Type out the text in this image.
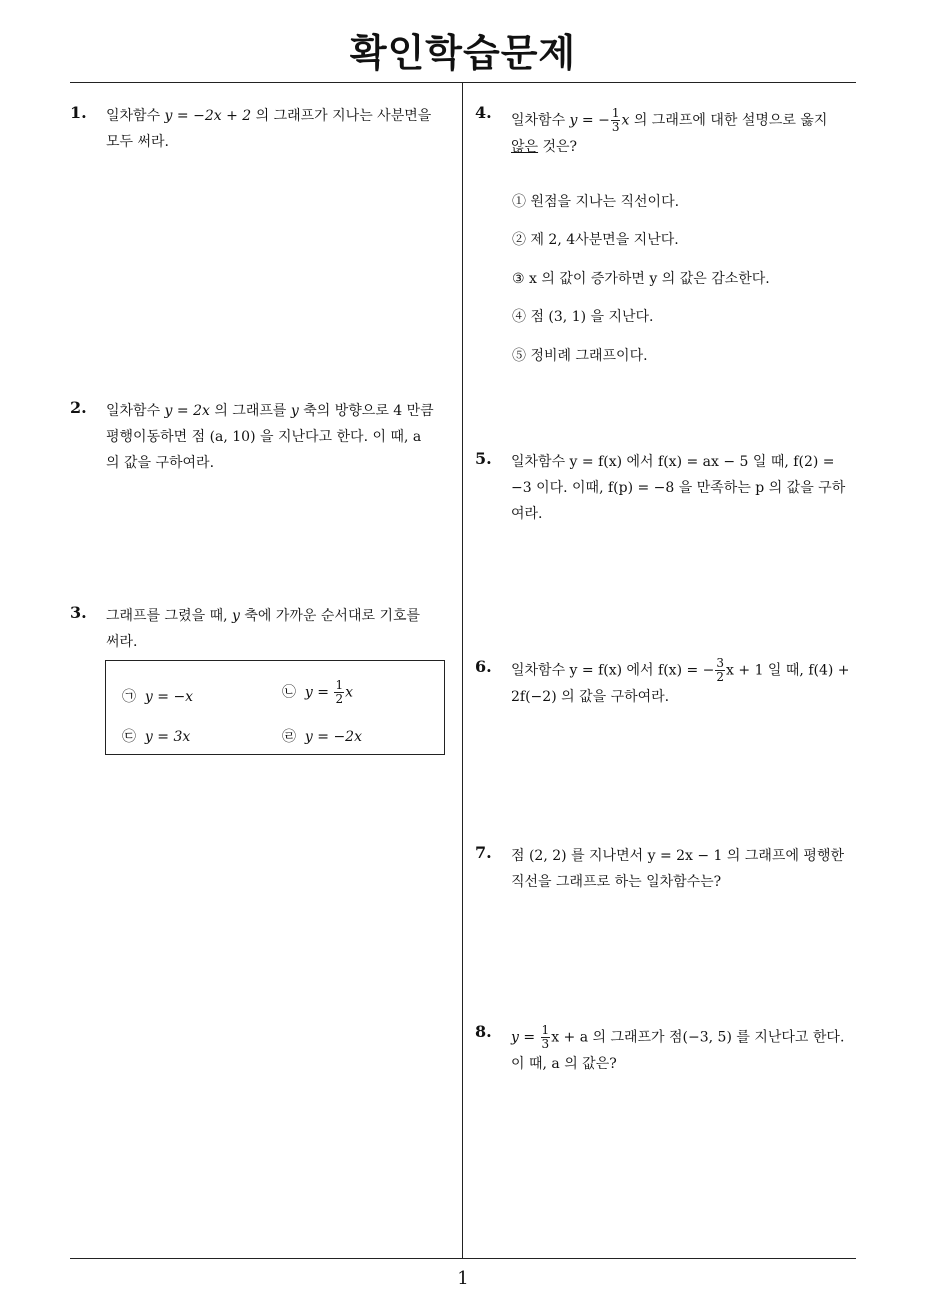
확인학습문제
1. 일차함수 y = −2x + 2 의 그래프가 지나는 사분면을
모두 써라.
2. 일차함수 y = 2x 의 그래프를 y 축의 방향으로 4 만큼
평행이동하면 점 (a, 10) 을 지난다고 한다. 이 때, a
의 값을 구하여라.
3. 그래프를 그렸을 때, y 축에 가까운 순서대로 기호를
써라.
㉠ y = −x	㉡ $y = \frac{1}{2}$ x
㉢ y = 3x	㉣ y = −2x
4. 일차함수 y = − $\frac{1}{3}$ x 의 그래프에 대한 설명으로 옳지
않은 것은?
① 원점을 지나는 직선이다.
② 제 2, 4사분면을 지난다.
③ x 의 값이 증가하면 y 의 값은 감소한다.
④ 점 (3, 1) 을 지난다.
⑤ 정비례 그래프이다.
5. 일차함수 y = f(x) 에서 f(x) = ax − 5 일 때, f(2) =
−3 이다. 이때, f(p) = −8 을 만족하는 p 의 값을 구하
여라.
6. 일차함수 y = f(x) 에서 f(x) = − $\frac{3}{2}$ x + 1 일 때, f(4) +
2f(−2) 의 값을 구하여라.
7. 점 (2, 2) 를 지나면서 y = 2x − 1 의 그래프에 평행한
직선을 그래프로 하는 일차함수는?
8. $y = \frac{1}{3}$ x + a 의 그래프가 점(−3, 5) 를 지난다고 한다.
이 때, a 의 값은?
1
